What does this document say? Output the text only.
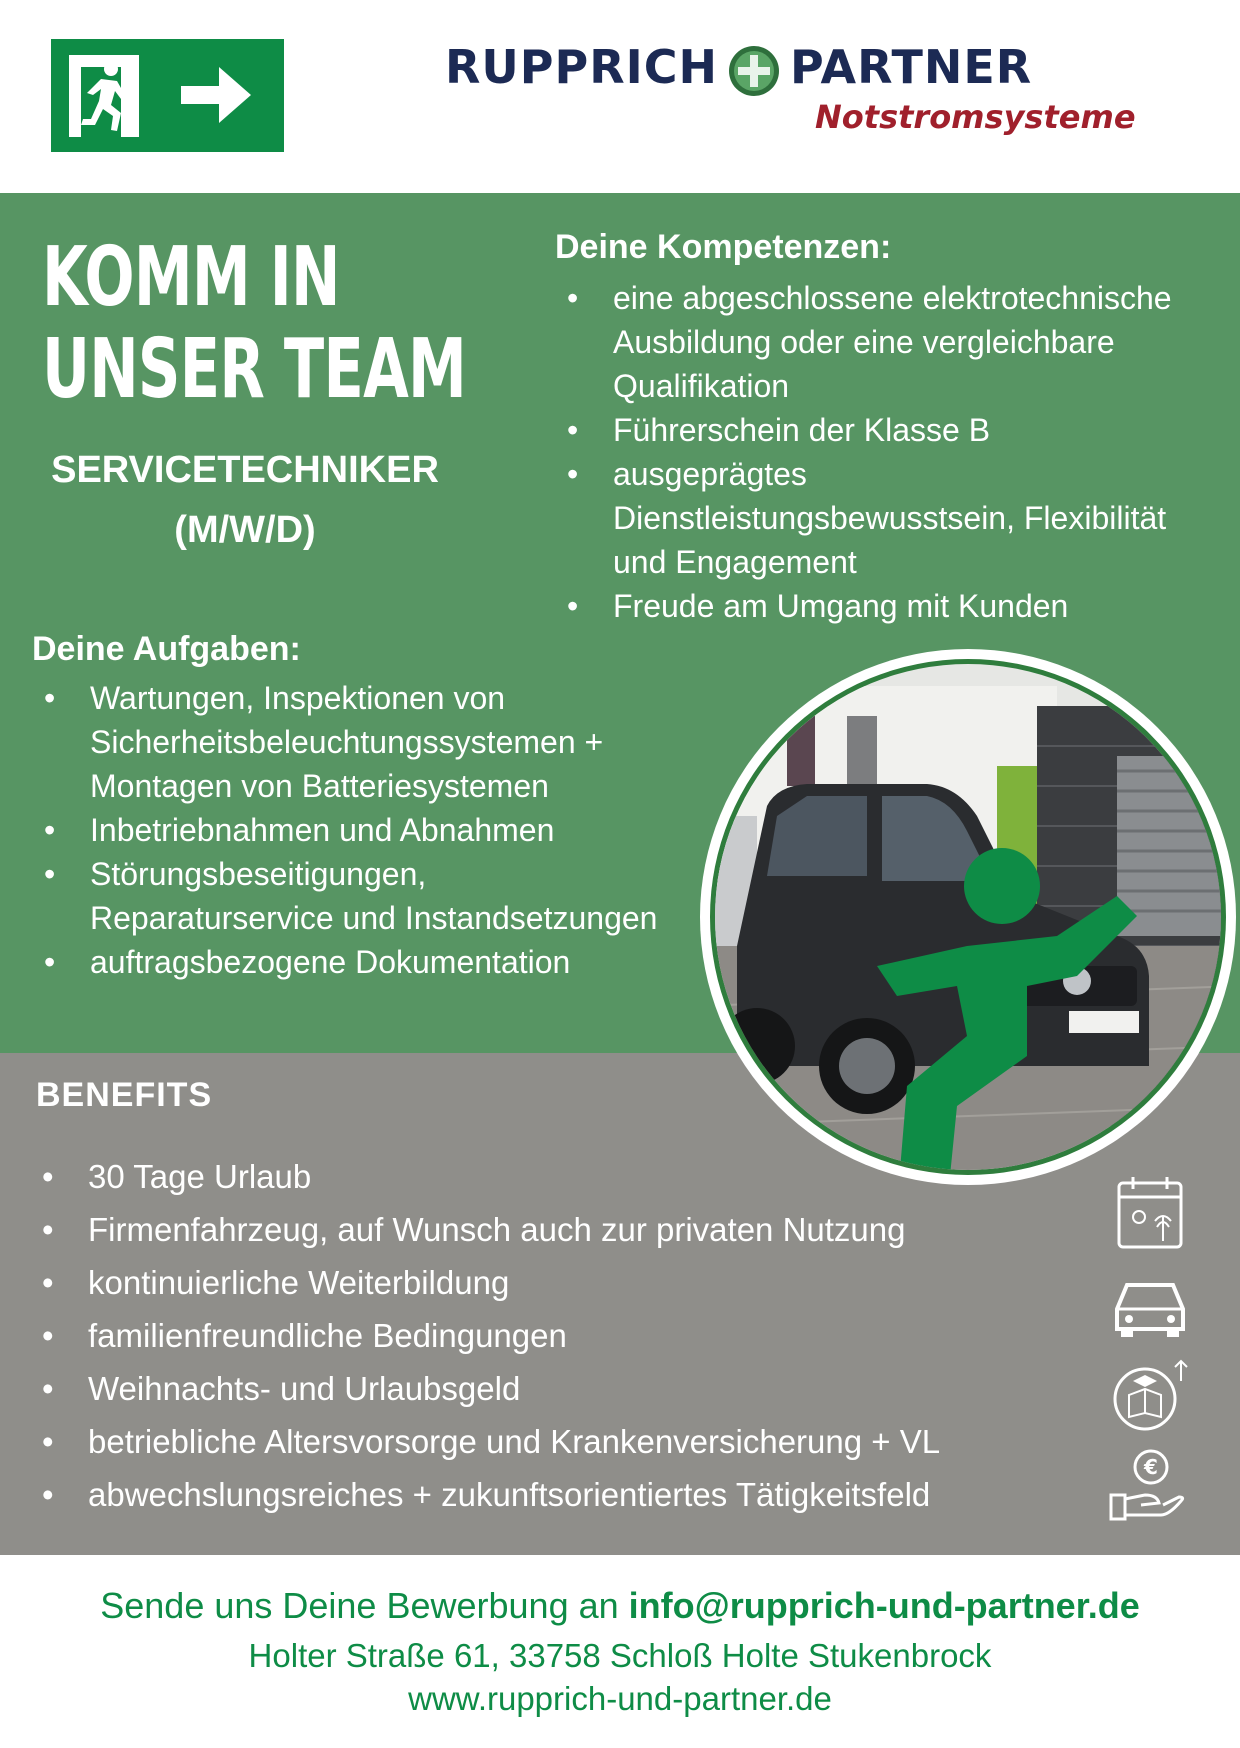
RUPPRICH PARTNER
Notstromsysteme
KOMM IN
UNSER TEAM
SERVICETECHNIKER
(M/W/D)
Deine Kompetenzen:
• eine abgeschlossene elektrotechnische Ausbildung oder eine vergleichbare Qualifikation
• Führerschein der Klasse B
• ausgeprägtes Dienstleistungsbewusstsein, Flexibilität und Engagement
• Freude am Umgang mit Kunden
Deine Aufgaben:
• Wartungen, Inspektionen von Sicherheitsbeleuchtungssystemen + Montagen von Batteriesystemen
• Inbetriebnahmen und Abnahmen
• Störungsbeseitigungen, Reparaturservice und Instandsetzungen
• auftragsbezogene Dokumentation
BENEFITS
• 30 Tage Urlaub
• Firmenfahrzeug, auf Wunsch auch zur privaten Nutzung
• kontinuierliche Weiterbildung
• familienfreundliche Bedingungen
• Weihnachts- und Urlaubsgeld
• betriebliche Altersvorsorge und Krankenversicherung + VL
• abwechslungsreiches + zukunftsorientiertes Tätigkeitsfeld
€
Sende uns Deine Bewerbung an info@rupprich-und-partner.de
Holter Straße 61, 33758 Schloß Holte Stukenbrock
www.rupprich-und-partner.de
